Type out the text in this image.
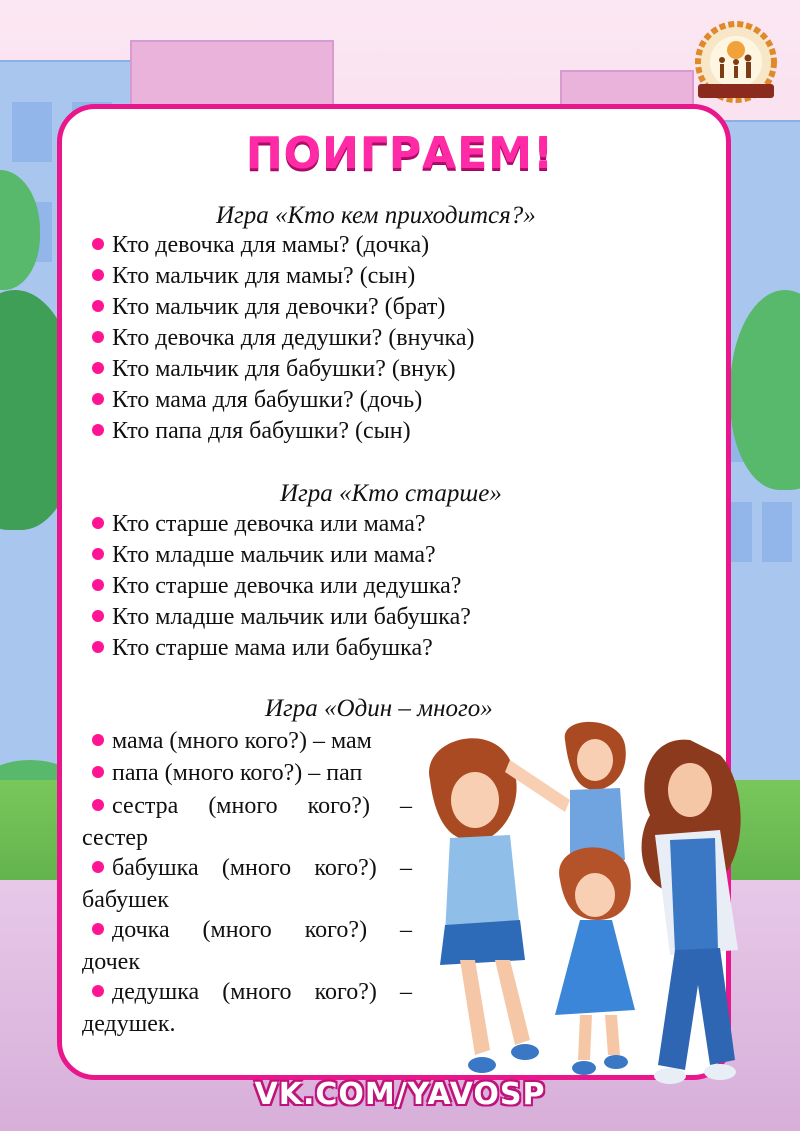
ПОИГРАЕМ!
Игра «Кто кем приходится?»
Кто девочка для мамы? (дочка)
Кто мальчик для мамы? (сын)
Кто мальчик для девочки? (брат)
Кто девочка для дедушки? (внучка)
Кто мальчик для бабушки? (внук)
Кто мама для бабушки? (дочь)
Кто папа для бабушки? (сын)
Игра «Кто старше»
Кто старше девочка или мама?
Кто младше мальчик или мама?
Кто старше девочка или дедушка?
Кто младше мальчик или бабушка?
Кто старше мама или бабушка?
Игра «Один – много»
мама (много кого?) – мам
папа (много кого?) – пап
сестра (много кого?) –
сестер
бабушка (много кого?) –
бабушек
дочка (много кого?) –
дочек
дедушка (много кого?) –
дедушек.
VK.COM/YAVOSP
